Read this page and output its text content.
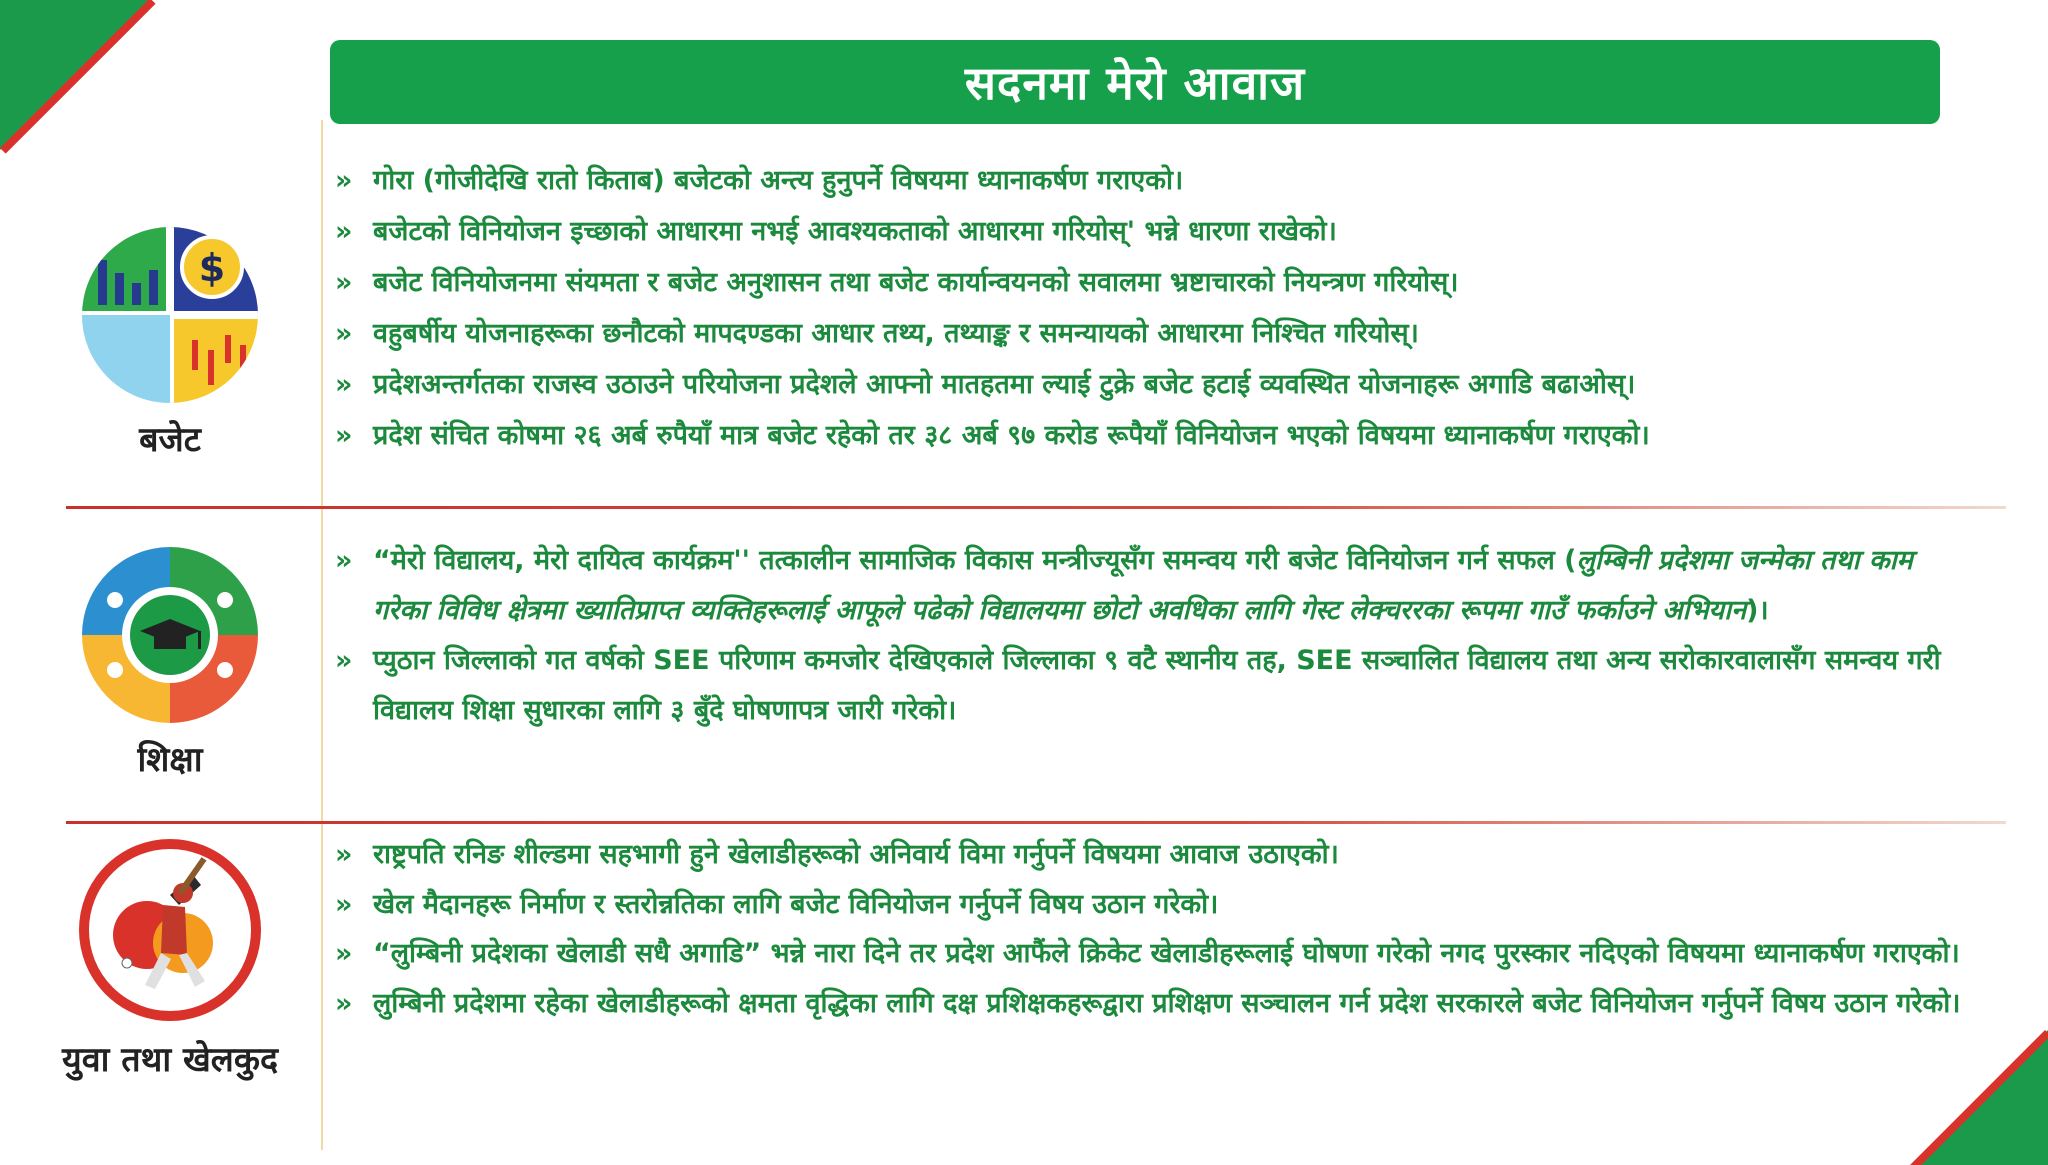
सदनमा मेरो आवाज
$
बजेट
शिक्षा
युवा तथा खेलकुद
» गोरा (गोजीदेखि रातो किताब) बजेटको अन्त्य हुनुपर्ने विषयमा ध्यानाकर्षण गराएको।
» बजेटको विनियोजन इच्छाको आधारमा नभई आवश्यकताको आधारमा गरियोस्' भन्ने धारणा राखेको।
» बजेट विनियोजनमा संयमता र बजेट अनुशासन तथा बजेट कार्यान्वयनको सवालमा भ्रष्टाचारको नियन्त्रण गरियोस्।
» वहुबर्षीय योजनाहरूका छनौटको मापदण्डका आधार तथ्य, तथ्याङ्क र समन्यायको आधारमा निश्चित गरियोस्।
» प्रदेशअन्तर्गतका राजस्व उठाउने परियोजना प्रदेशले आफ्नो मातहतमा ल्याई टुक्रे बजेट हटाई व्यवस्थित योजनाहरू अगाडि बढाओस्।
» प्रदेश संचित कोषमा २६ अर्ब रुपैयाँ मात्र बजेट रहेको तर ३८ अर्ब ९७ करोड रूपैयाँ विनियोजन भएको विषयमा ध्यानाकर्षण गराएको।
» “मेरो विद्यालय, मेरो दायित्व कार्यक्रम'' तत्कालीन सामाजिक विकास मन्त्रीज्यूसँग समन्वय गरी बजेट विनियोजन गर्न सफल (लुम्बिनी प्रदेशमा जन्मेका तथा काम गरेका विविध क्षेत्रमा ख्यातिप्राप्त व्यक्तिहरूलाई आफूले पढेको विद्यालयमा छोटो अवधिका लागि गेस्ट लेक्चररका रूपमा गाउँ फर्काउने अभियान)।
» प्युठान जिल्लाको गत वर्षको SEE परिणाम कमजोर देखिएकाले जिल्लाका ९ वटै स्थानीय तह, SEE सञ्चालित विद्यालय तथा अन्य सरोकारवालासँग समन्वय गरी विद्यालय शिक्षा सुधारका लागि ३ बुँदे घोषणापत्र जारी गरेको।
» राष्ट्रपति रनिङ शील्डमा सहभागी हुने खेलाडीहरूको अनिवार्य विमा गर्नुपर्ने विषयमा आवाज उठाएको।
» खेल मैदानहरू निर्माण र स्तरोन्नतिका लागि बजेट विनियोजन गर्नुपर्ने विषय उठान गरेको।
» “लुम्बिनी प्रदेशका खेलाडी सधै अगाडि” भन्ने नारा दिने तर प्रदेश आफैंले क्रिकेट खेलाडीहरूलाई घोषणा गरेको नगद पुरस्कार नदिएको विषयमा ध्यानाकर्षण गराएको।
» लुम्बिनी प्रदेशमा रहेका खेलाडीहरूको क्षमता वृद्धिका लागि दक्ष प्रशिक्षकहरूद्वारा प्रशिक्षण सञ्चालन गर्न प्रदेश सरकारले बजेट विनियोजन गर्नुपर्ने विषय उठान गरेको।
